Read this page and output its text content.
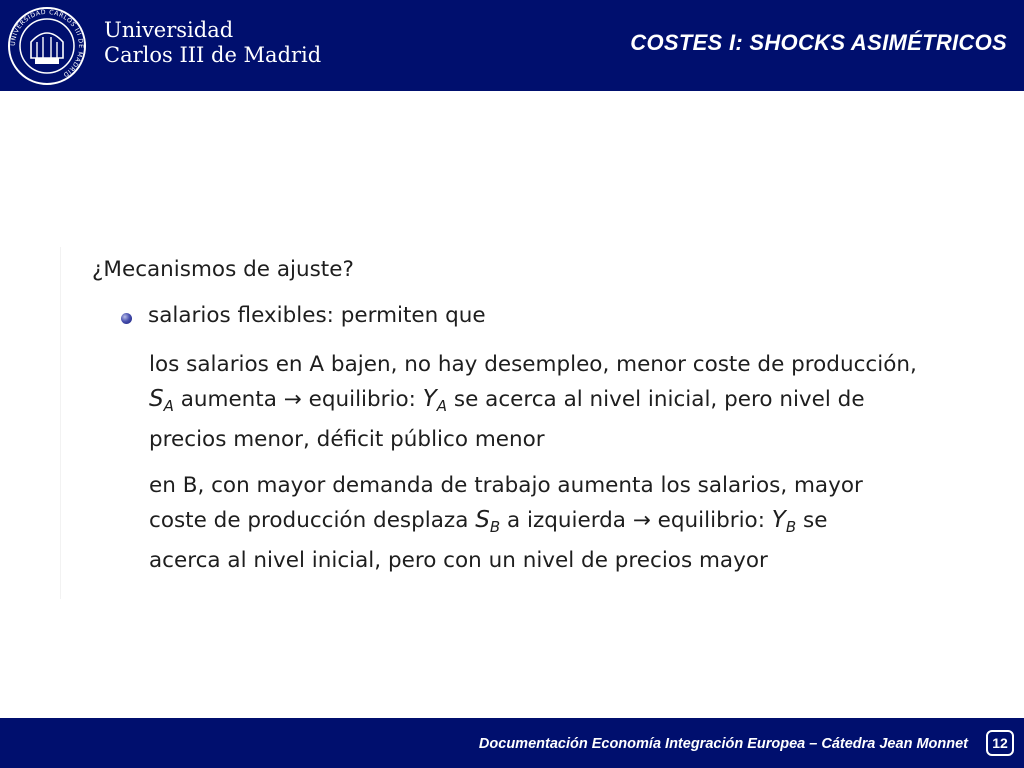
UNIVERSIDAD CARLOS III DE MADRID
Universidad
Carlos III de Madrid	COSTES I: SHOCKS ASIMÉTRICOS
¿Mecanismos de ajuste?
salarios flexibles: permiten que
los salarios en A bajen, no hay desempleo, menor coste de producción,
$S_A$ aumenta → equilibrio: $Y_A$ se acerca al nivel inicial, pero nivel de
precios menor, déficit público menor
en B, con mayor demanda de trabajo aumenta los salarios, mayor
coste de producción desplaza $S_B$ a izquierda → equilibrio: $Y_B$ se
acerca al nivel inicial, pero con un nivel de precios mayor
Documentación Economía Integración Europea – Cátedra Jean Monnet	12
